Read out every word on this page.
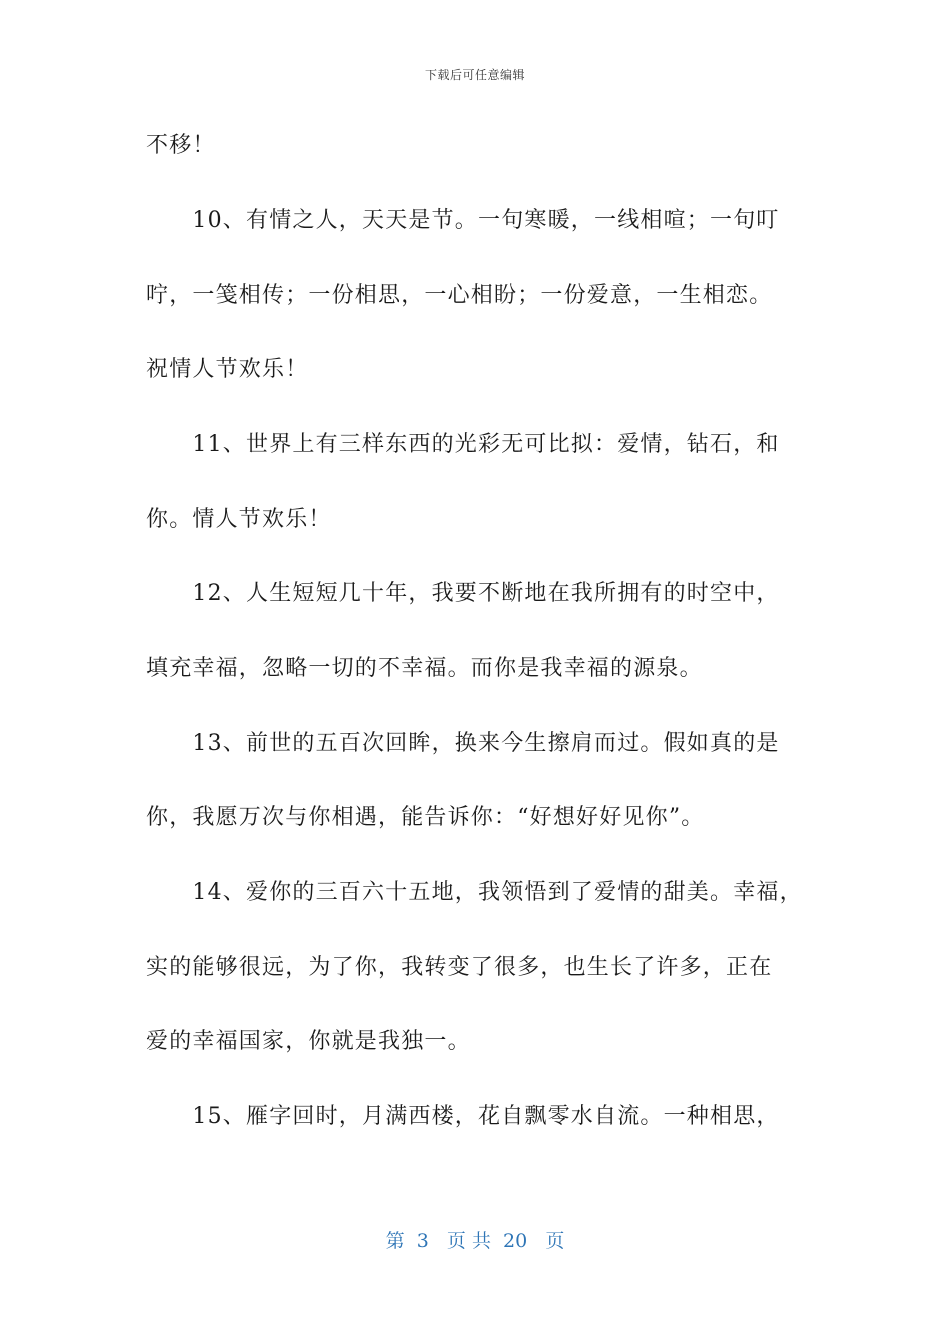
下载后可任意编辑
不移！
　　10、有情之人，天天是节。一句寒暖，一线相喧；一句叮
咛，一笺相传；一份相思，一心相盼；一份爱意，一生相恋。
祝情人节欢乐！
　　11、世界上有三样东西的光彩无可比拟：爱情，钻石，和
你。情人节欢乐！
　　12、人生短短几十年，我要不断地在我所拥有的时空中，
填充幸福，忽略一切的不幸福。而你是我幸福的源泉。
　　13、前世的五百次回眸，换来今生擦肩而过。假如真的是
你，我愿万次与你相遇，能告诉你：“好想好好见你”。
　　14、爱你的三百六十五地，我领悟到了爱情的甜美。幸福，
实的能够很远，为了你，我转变了很多，也生长了许多，正在
爱的幸福国家，你就是我独一。
　　15、雁字回时，月满西楼，花自飘零水自流。一种相思，
第  3   页 共  20   页
